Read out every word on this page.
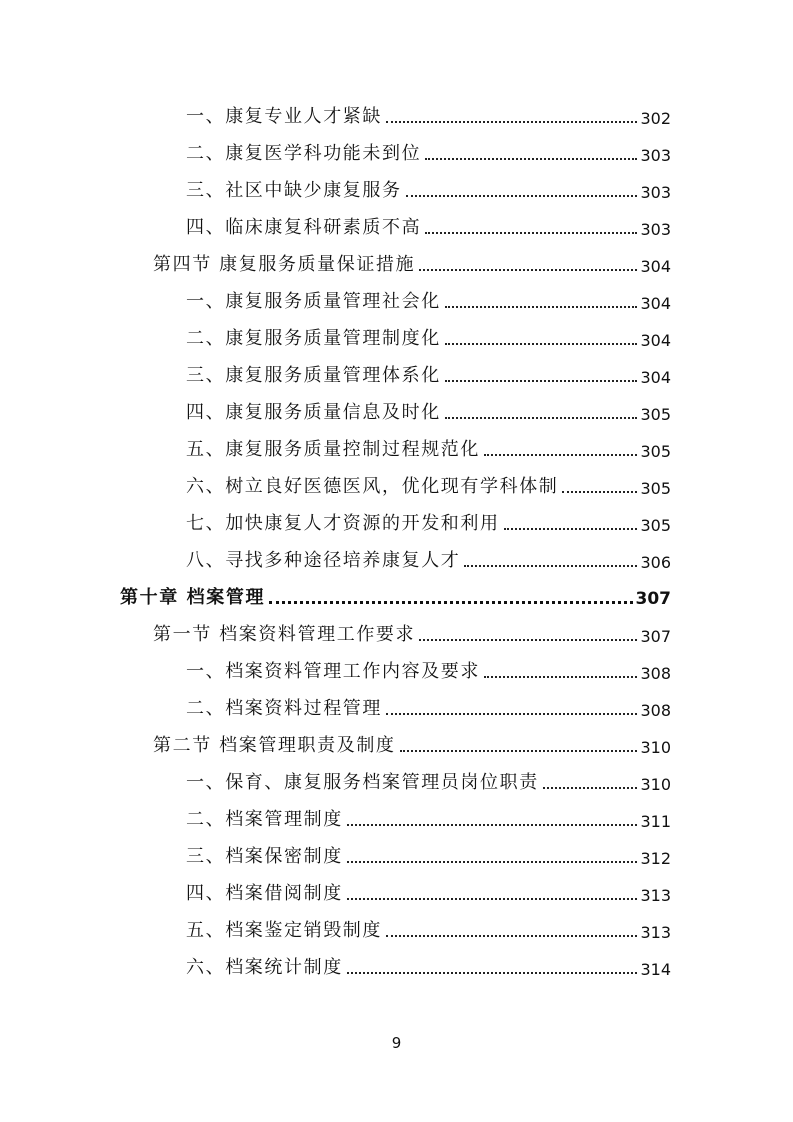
一、康复专业人才紧缺	302
二、康复医学科功能未到位	303
三、社区中缺少康复服务	303
四、临床康复科研素质不高	303
第四节 康复服务质量保证措施	304
一、康复服务质量管理社会化	304
二、康复服务质量管理制度化	304
三、康复服务质量管理体系化	304
四、康复服务质量信息及时化	305
五、康复服务质量控制过程规范化	305
六、树立良好医德医风，优化现有学科体制	305
七、加快康复人才资源的开发和利用	305
八、寻找多种途径培养康复人才	306
第十章 档案管理	307
第一节 档案资料管理工作要求	307
一、档案资料管理工作内容及要求	308
二、档案资料过程管理	308
第二节 档案管理职责及制度	310
一、保育、康复服务档案管理员岗位职责	310
二、档案管理制度	311
三、档案保密制度	312
四、档案借阅制度	313
五、档案鉴定销毁制度	313
六、档案统计制度	314
9
